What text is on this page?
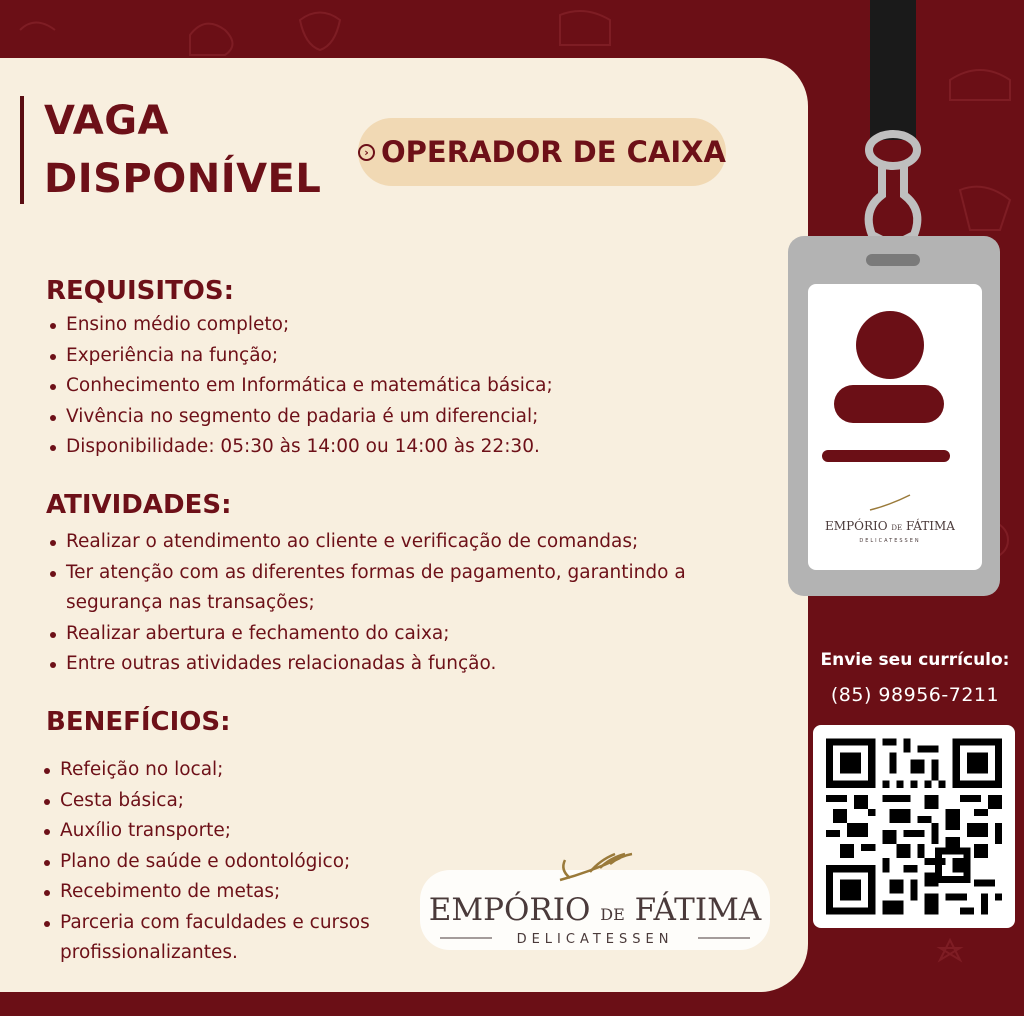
VAGA
DISPONÍVEL
› OPERADOR DE CAIXA
REQUISITOS:
Ensino médio completo;
Experiência na função;
Conhecimento em Informática e matemática básica;
Vivência no segmento de padaria é um diferencial;
Disponibilidade: 05:30 às 14:00 ou 14:00 às 22:30.
ATIVIDADES:
Realizar o atendimento ao cliente e verificação de comandas;
Ter atenção com as diferentes formas de pagamento, garantindo a segurança nas transações;
Realizar abertura e fechamento do caixa;
Entre outras atividades relacionadas à função.
BENEFÍCIOS:
Refeição no local;
Cesta básica;
Auxílio transporte;
Plano de saúde e odontológico;
Recebimento de metas;
Parceria com faculdades e cursos profissionalizantes.
EMPÓRIO DE FÁTIMA
DELICATESSEN
EMPÓRIO DE FÁTIMA
DELICATESSEN
Envie seu currículo:
(85) 98956-7211
